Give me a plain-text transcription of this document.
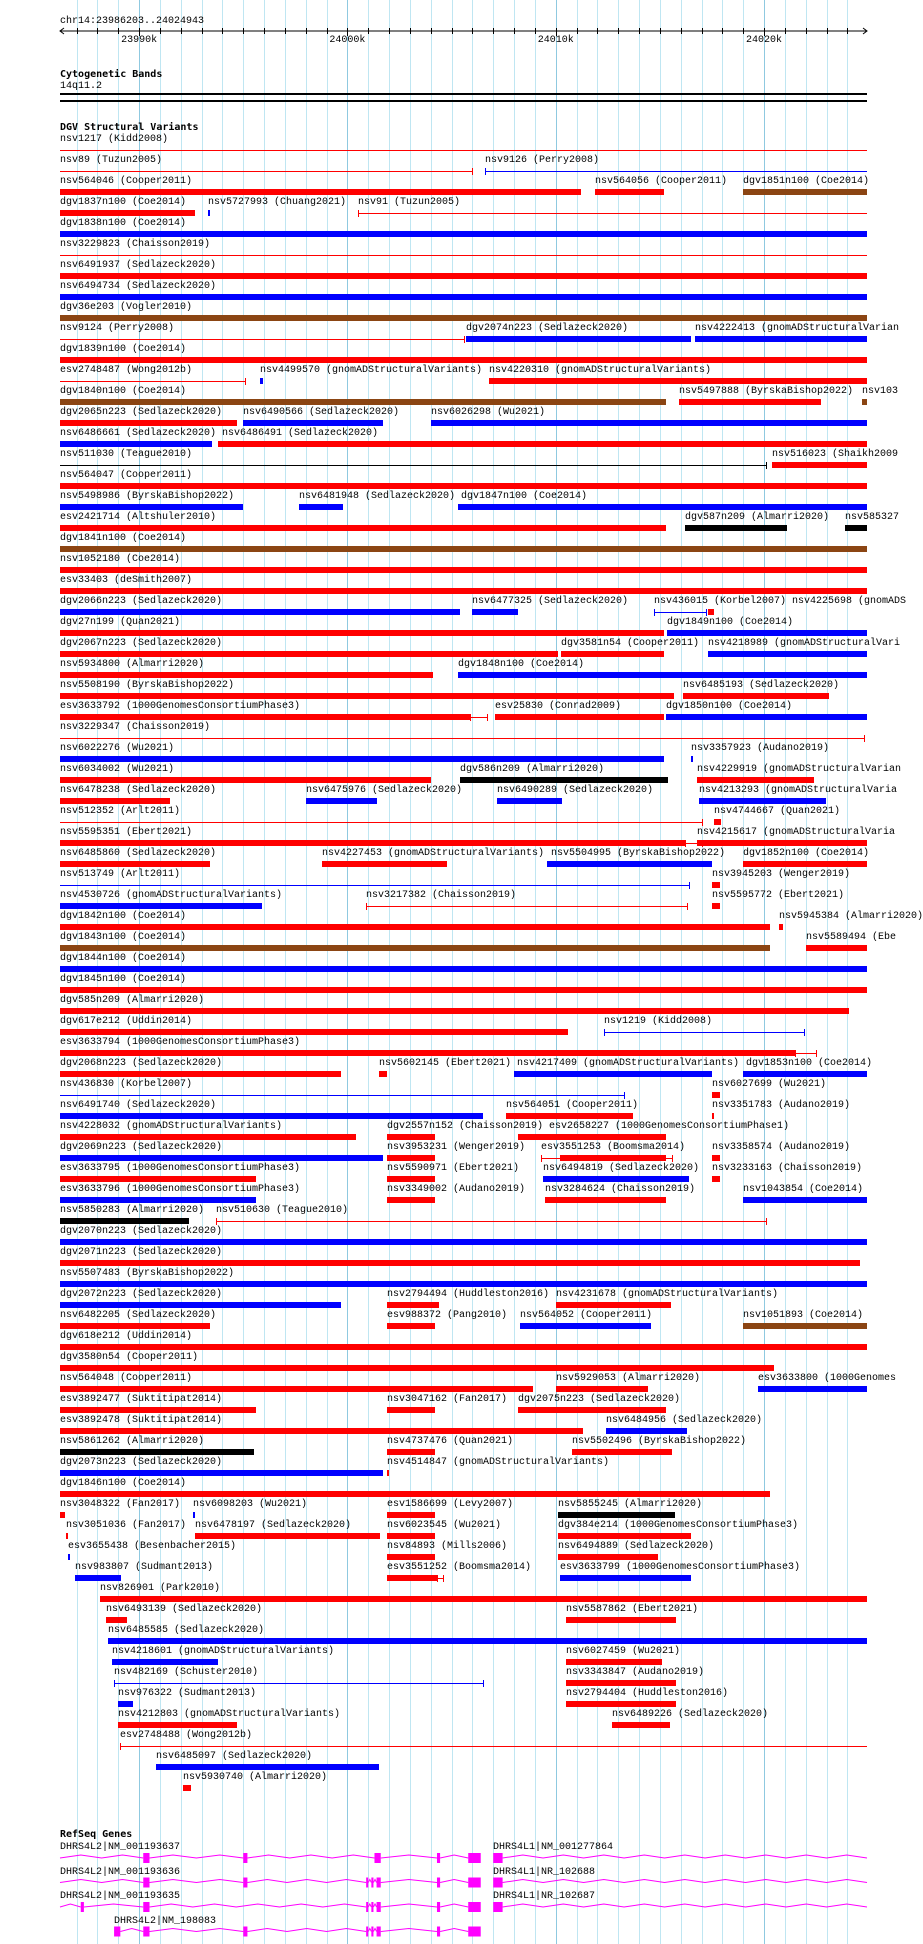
chr14:23986203..24024943
23990k	24000k	24010k	24020k
Cytogenetic Bands
14q11.2
DGV Structural Variants
nsv1217 (Kidd2008)
nsv89 (Tuzun2005)	nsv9126 (Perry2008)
nsv564046 (Cooper2011)	nsv564056 (Cooper2011) dgv1851n100 (Coe2014)
dgv1837n100 (Coe2014) nsv5727993 (Chuang2021) nsv91 (Tuzun2005)
dgv1838n100 (Coe2014)
nsv3229823 (Chaisson2019)
nsv6491937 (Sedlazeck2020)
nsv6494734 (Sedlazeck2020)
dgv36e203 (Vogler2010)
nsv9124 (Perry2008)	dgv2074n223 (Sedlazeck2020)	nsv4222413 (gnomADStructuralVarian
dgv1839n100 (Coe2014)
esv2748487 (Wong2012b)	nsv4499570 (gnomADStructuralVariants) nsv4220310 (gnomADStructuralVariants)
dgv1840n100 (Coe2014)	nsv5497888 (ByrskaBishop2022) nsv103
dgv2065n223 (Sedlazeck2020) nsv6490566 (Sedlazeck2020)	nsv6026298 (Wu2021)
nsv6486661 (Sedlazeck2020) nsv6486491 (Sedlazeck2020)
nsv511030 (Teague2010)	nsv516023 (Shaikh2009
nsv564047 (Cooper2011)
nsv5498986 (ByrskaBishop2022)	nsv6481948 (Sedlazeck2020) dgv1847n100 (Coe2014)
esv2421714 (Altshuler2010)	dgv587n209 (Almarri2020) nsv585327
dgv1841n100 (Coe2014)
nsv1052180 (Coe2014)
esv33403 (deSmith2007)
dgv2066n223 (Sedlazeck2020)	nsv6477325 (Sedlazeck2020)	nsv436015 (Korbel2007) nsv4225698 (gnomADS
dgv27n199 (Quan2021)	dgv1849n100 (Coe2014)
dgv2067n223 (Sedlazeck2020)	dgv3581n54 (Cooper2011) nsv4218989 (gnomADStructuralVari
nsv5934800 (Almarri2020)	dgv1848n100 (Coe2014)
nsv5508190 (ByrskaBishop2022)	nsv6485193 (Sedlazeck2020)
esv3633792 (1000GenomesConsortiumPhase3)	esv25830 (Conrad2009)	dgv1850n100 (Coe2014)
nsv3229347 (Chaisson2019)
nsv6022276 (Wu2021)	nsv3357923 (Audano2019)
nsv6034002 (Wu2021)	dgv586n209 (Almarri2020)	nsv4229919 (gnomADStructuralVarian
nsv6478238 (Sedlazeck2020)	nsv6475976 (Sedlazeck2020)	nsv6490289 (Sedlazeck2020)	nsv4213293 (gnomADStructuralVaria
nsv512352 (Arlt2011)	nsv4744667 (Quan2021)
nsv5595351 (Ebert2021)	nsv4215617 (gnomADStructuralVaria
nsv6485860 (Sedlazeck2020)	nsv4227453 (gnomADStructuralVariants) nsv5504995 (ByrskaBishop2022) dgv1852n100 (Coe2014)
nsv513749 (Arlt2011)	nsv3945203 (Wenger2019)
nsv4530726 (gnomADStructuralVariants)	nsv3217382 (Chaisson2019)	nsv5595772 (Ebert2021)
dgv1842n100 (Coe2014)	nsv5945384 (Almarri2020)
dgv1843n100 (Coe2014)	nsv5589494 (Ebe
dgv1844n100 (Coe2014)
dgv1845n100 (Coe2014)
dgv585n209 (Almarri2020)
dgv617e212 (Uddin2014)	nsv1219 (Kidd2008)
esv3633794 (1000GenomesConsortiumPhase3)
dgv2068n223 (Sedlazeck2020)	nsv5602145 (Ebert2021) nsv4217409 (gnomADStructuralVariants) dgv1853n100 (Coe2014)
nsv436830 (Korbel2007)	nsv6027699 (Wu2021)
nsv6491740 (Sedlazeck2020)	nsv564051 (Cooper2011)	nsv3351783 (Audano2019)
nsv4228032 (gnomADStructuralVariants)	dgv2557n152 (Chaisson2019) esv2658227 (1000GenomesConsortiumPhase1)
dgv2069n223 (Sedlazeck2020)	nsv3953231 (Wenger2019) esv3551253 (Boomsma2014)	nsv3358574 (Audano2019)
esv3633795 (1000GenomesConsortiumPhase3)	nsv5590971 (Ebert2021) nsv6494819 (Sedlazeck2020) nsv3233163 (Chaisson2019)
esv3633796 (1000GenomesConsortiumPhase3)	nsv3349002 (Audano2019) nsv3284624 (Chaisson2019)	nsv1043854 (Coe2014)
nsv5850283 (Almarri2020) nsv510630 (Teague2010)
dgv2070n223 (Sedlazeck2020)
dgv2071n223 (Sedlazeck2020)
nsv5507483 (ByrskaBishop2022)
dgv2072n223 (Sedlazeck2020)	nsv2794494 (Huddleston2016) nsv4231678 (gnomADStructuralVariants)
nsv6482205 (Sedlazeck2020)	esv988372 (Pang2010) nsv564052 (Cooper2011)	nsv1051893 (Coe2014)
dgv618e212 (Uddin2014)
dgv3580n54 (Cooper2011)
nsv564048 (Cooper2011)	nsv5929053 (Almarri2020)	esv3633800 (1000Genomes
esv3892477 (Suktitipat2014)	nsv3047162 (Fan2017) dgv2075n223 (Sedlazeck2020)
esv3892478 (Suktitipat2014)	nsv6484956 (Sedlazeck2020)
nsv5861262 (Almarri2020)	nsv4737476 (Quan2021)	nsv5502496 (ByrskaBishop2022)
dgv2073n223 (Sedlazeck2020)	nsv4514847 (gnomADStructuralVariants)
dgv1846n100 (Coe2014)
nsv3048322 (Fan2017) nsv6098203 (Wu2021)	esv1586699 (Levy2007)	nsv5855245 (Almarri2020)
nsv3051036 (Fan2017) nsv6478197 (Sedlazeck2020)	nsv6023545 (Wu2021)	dgv384e214 (1000GenomesConsortiumPhase3)
esv3655438 (Besenbacher2015)	nsv84893 (Mills2006)	nsv6494889 (Sedlazeck2020)
nsv983807 (Sudmant2013)	esv3551252 (Boomsma2014)	esv3633799 (1000GenomesConsortiumPhase3)
nsv826901 (Park2010)
nsv6493139 (Sedlazeck2020)	nsv5587862 (Ebert2021)
nsv6485585 (Sedlazeck2020)
nsv4218601 (gnomADStructuralVariants)	nsv6027459 (Wu2021)
nsv482169 (Schuster2010)	nsv3343847 (Audano2019)
nsv976322 (Sudmant2013)	nsv2794404 (Huddleston2016)
nsv4212803 (gnomADStructuralVariants)	nsv6489226 (Sedlazeck2020)
esv2748488 (Wong2012b)
nsv6485097 (Sedlazeck2020)
nsv5930740 (Almarri2020)
RefSeq Genes
DHRS4L2|NM_001193637	DHRS4L1|NM_001277864
DHRS4L2|NM_001193636	DHRS4L1|NR_102688
DHRS4L2|NM_001193635	DHRS4L1|NR_102687
DHRS4L2|NM_198083
